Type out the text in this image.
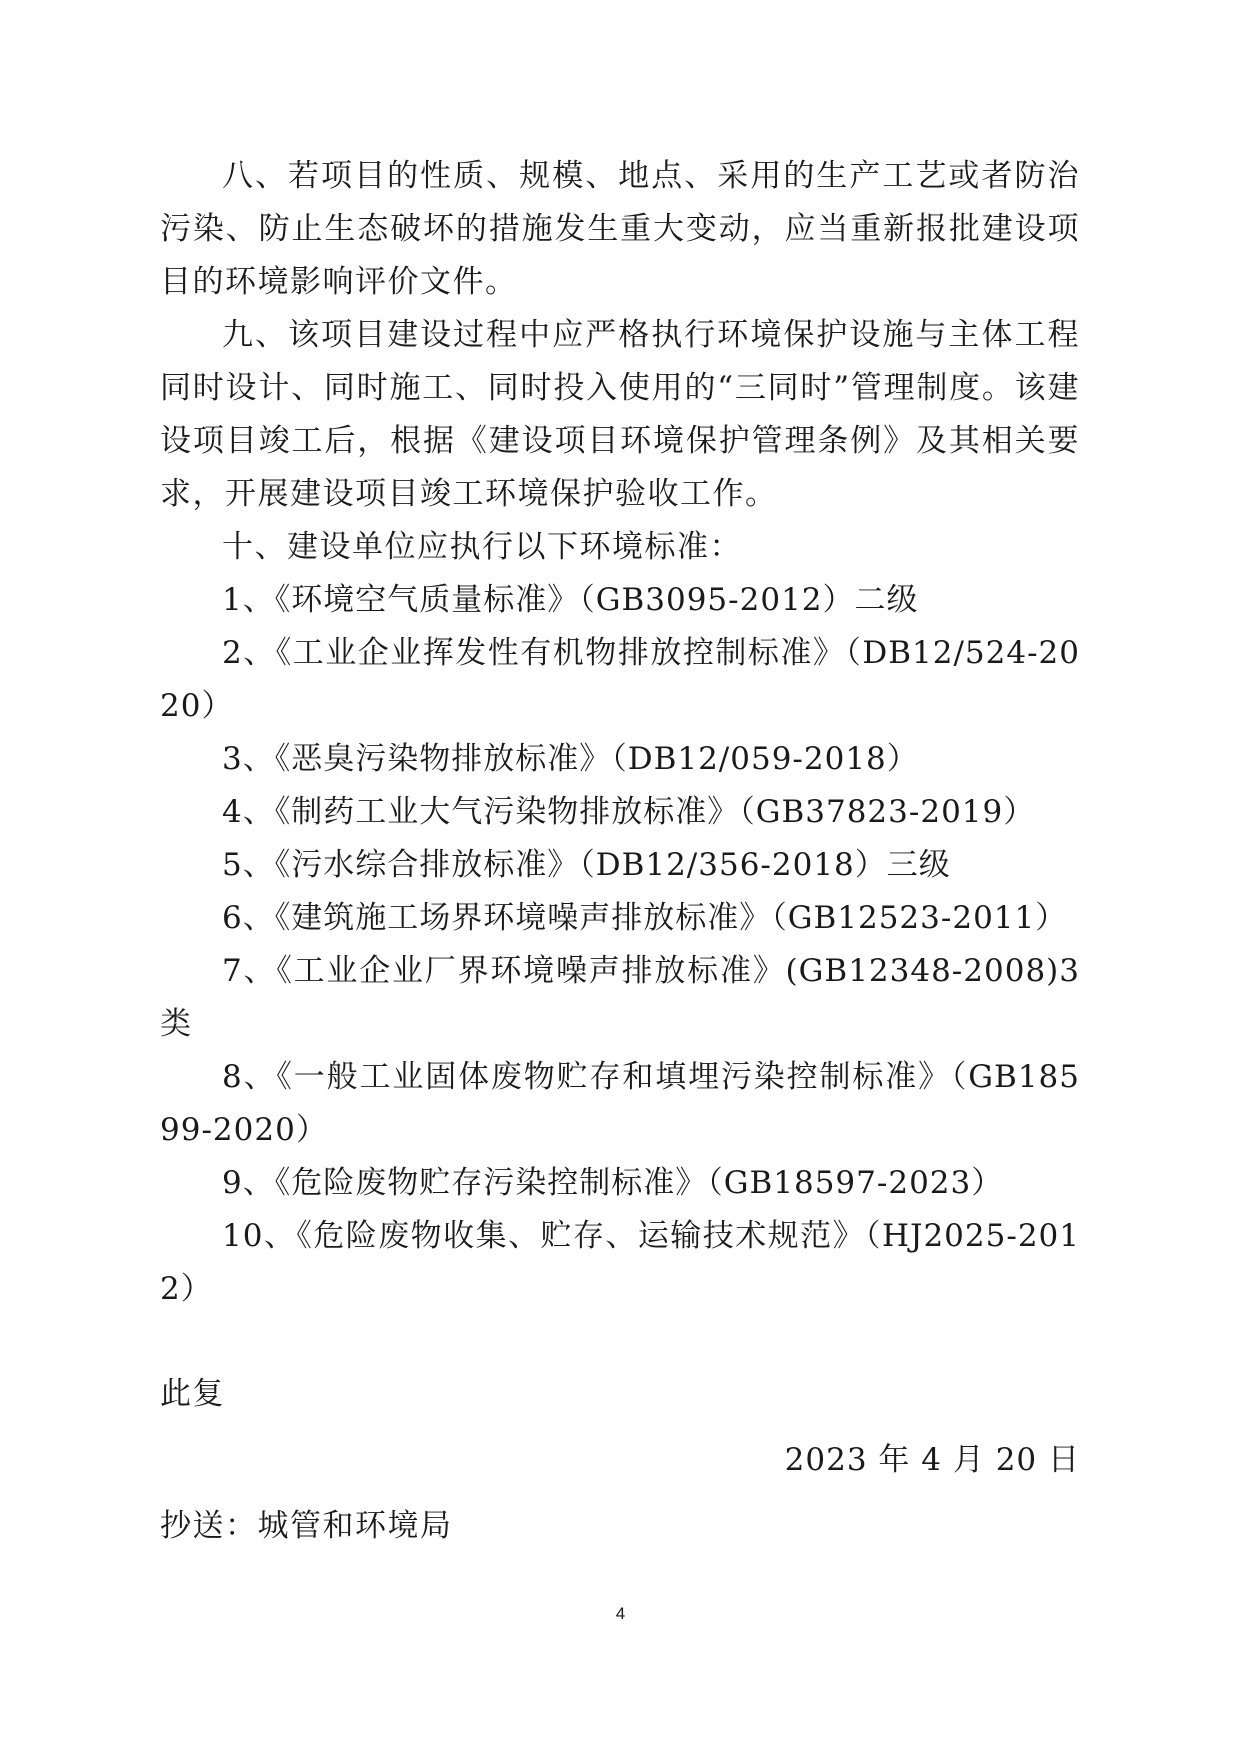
八、若项目的性质、规模、地点、采用的生产工艺或者防治污染、防止生态破坏的措施发生重大变动，应当重新报批建设项目的环境影响评价文件。

九、该项目建设过程中应严格执行环境保护设施与主体工程同时设计、同时施工、同时投入使用的“三同时”管理制度。该建设项目竣工后，根据《建设项目环境保护管理条例》及其相关要求，开展建设项目竣工环境保护验收工作。

十、建设单位应执行以下环境标准：

1、《环境空气质量标准》（GB3095-2012）二级

2、《工业企业挥发性有机物排放控制标准》（DB12/524-2020）

3、《恶臭污染物排放标准》（DB12/059-2018）

4、《制药工业大气污染物排放标准》（GB37823-2019）

5、《污水综合排放标准》（DB12/356-2018）三级

6、《建筑施工场界环境噪声排放标准》（GB12523-2011）

7、《工业企业厂界环境噪声排放标准》(GB12348-2008)3类

8、《一般工业固体废物贮存和填埋污染控制标准》（GB18599-2020）

9、《危险废物贮存污染控制标准》（GB18597-2023）

10、《危险废物收集、贮存、运输技术规范》（HJ2025-2012）

此复

2023 年 4 月 20 日

抄送：城管和环境局

4
